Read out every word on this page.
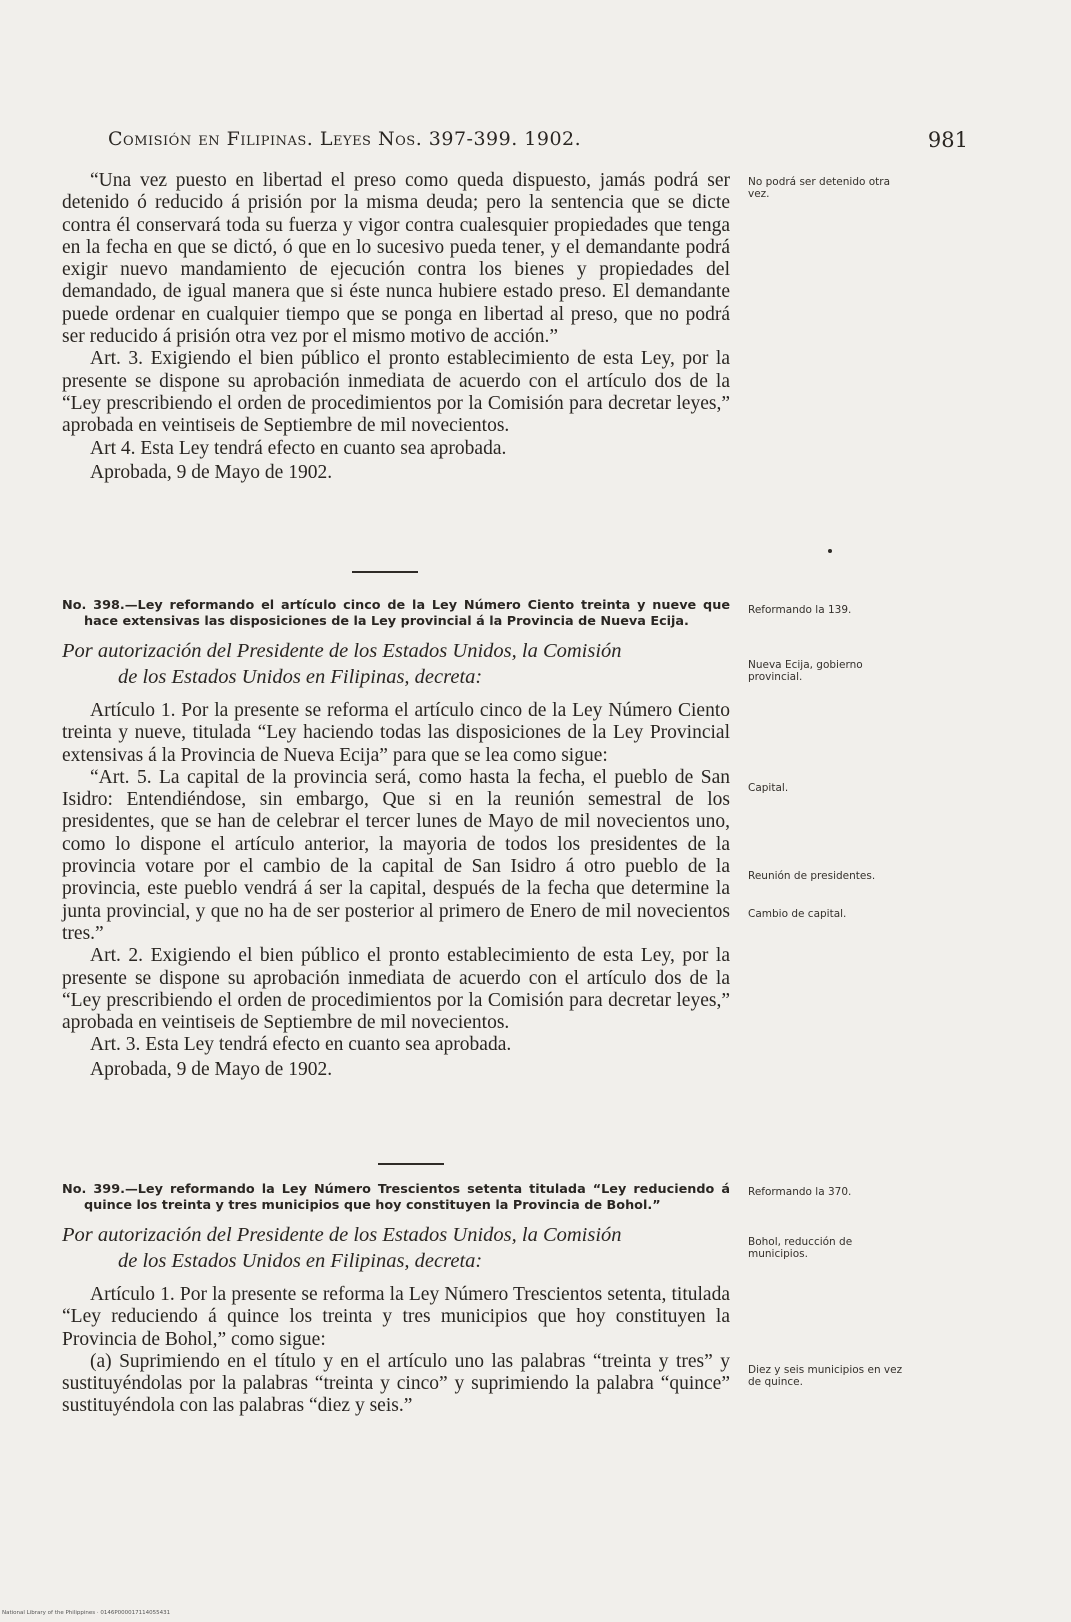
Comisión en Filipinas. Leyes Nos. 397-399. 1902.	981

“Una vez puesto en libertad el preso como queda dispuesto, jamás podrá ser detenido ó reducido á prisión por la misma deuda; pero la sentencia que se dicte contra él conservará toda su fuerza y vigor contra cualesquier propiedades que tenga en la fecha en que se dictó, ó que en lo sucesivo pueda tener, y el demandante podrá exigir nuevo mandamiento de ejecución contra los bienes y propiedades del demandado, de igual manera que si éste nunca hubiere estado preso. El demandante puede ordenar en cualquier tiempo que se ponga en libertad al preso, que no podrá ser reducido á prisión otra vez por el mismo motivo de acción.”

Art. 3. Exigiendo el bien público el pronto establecimiento de esta Ley, por la presente se dispone su aprobación inmediata de acuerdo con el artículo dos de la “Ley prescribiendo el orden de procedimientos por la Comisión para decretar leyes,” aprobada en veintiseis de Septiembre de mil novecientos.

Art 4. Esta Ley tendrá efecto en cuanto sea aprobada.

Aprobada, 9 de Mayo de 1902.

No. 398.—Ley reformando el artículo cinco de la Ley Número Ciento treinta y nueve que hace extensivas las disposiciones de la Ley provincial á la Provincia de Nueva Ecija.

Por autorización del Presidente de los Estados Unidos, la Comisión

de los Estados Unidos en Filipinas, decreta:

Artículo 1. Por la presente se reforma el artículo cinco de la Ley Número Ciento treinta y nueve, titulada “Ley haciendo todas las disposiciones de la Ley Provincial extensivas á la Provincia de Nueva Ecija” para que se lea como sigue:

“Art. 5. La capital de la provincia será, como hasta la fecha, el pueblo de San Isidro: Entendiéndose, sin embargo, Que si en la reunión semestral de los presidentes, que se han de celebrar el tercer lunes de Mayo de mil novecientos uno, como lo dispone el artículo anterior, la mayoria de todos los presidentes de la provincia votare por el cambio de la capital de San Isidro á otro pueblo de la provincia, este pueblo vendrá á ser la capital, después de la fecha que determine la junta provincial, y que no ha de ser posterior al primero de Enero de mil novecientos tres.”

Art. 2. Exigiendo el bien público el pronto establecimiento de esta Ley, por la presente se dispone su aprobación inmediata de acuerdo con el artículo dos de la “Ley prescribiendo el orden de procedimientos por la Comisión para decretar leyes,” aprobada en veintiseis de Septiembre de mil novecientos.

Art. 3. Esta Ley tendrá efecto en cuanto sea aprobada.

Aprobada, 9 de Mayo de 1902.

No. 399.—Ley reformando la Ley Número Trescientos setenta titulada “Ley reduciendo á quince los treinta y tres municipios que hoy constituyen la Provincia de Bohol.”

Por autorización del Presidente de los Estados Unidos, la Comisión

de los Estados Unidos en Filipinas, decreta:

Artículo 1. Por la presente se reforma la Ley Número Trescientos setenta, titulada “Ley reduciendo á quince los treinta y tres municipios que hoy constituyen la Provincia de Bohol,” como sigue:

(a) Suprimiendo en el título y en el artículo uno las palabras “treinta y tres” y sustituyéndolas por la palabras “treinta y cinco” y suprimiendo la palabra “quince” sustituyéndola con las palabras “diez y seis.”

No podrá ser detenido otra vez.
Reformando la 139.
Nueva Ecija, gobierno provincial.
Capital.
Reunión de presidentes.
Cambio de capital.
Reformando la 370.
Bohol, reducción de municipios.
Diez y seis municipios en vez de quince.
National Library of the Philippines · 0146P000017114055431
